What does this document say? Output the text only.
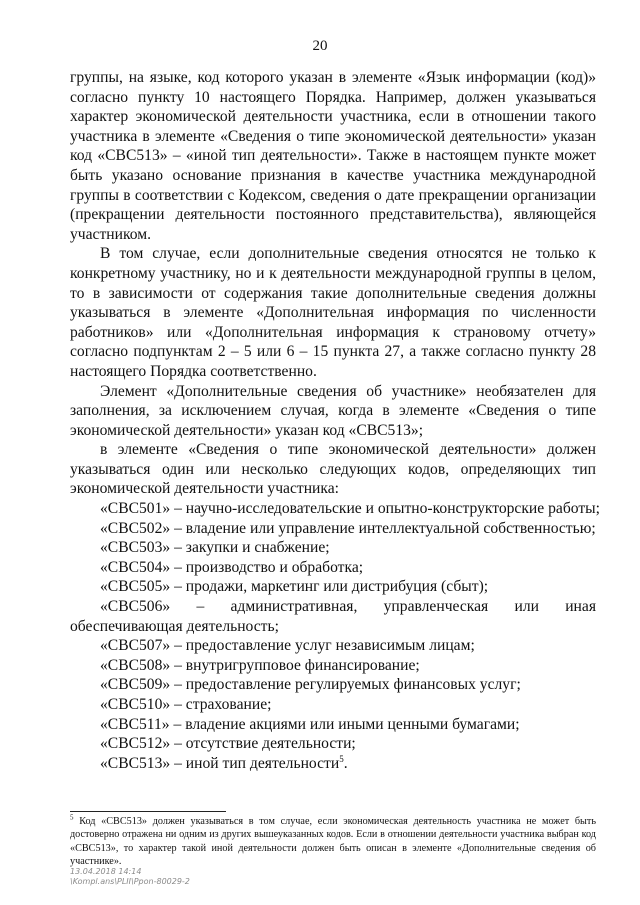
20

группы, на языке, код которого указан в элементе «Язык информации (код)» согласно пункту 10 настоящего Порядка. Например, должен указываться характер экономической деятельности участника, если в отношении такого участника в элементе «Сведения о типе экономической деятельности» указан код «CBC513» – «иной тип деятельности». Также в настоящем пункте может быть указано основание признания в качестве участника международной группы в соответствии с Кодексом, сведения о дате прекращении организации (прекращении деятельности постоянного представительства), являющейся участником.

В том случае, если дополнительные сведения относятся не только к конкретному участнику, но и к деятельности международной группы в целом, то в зависимости от содержания такие дополнительные сведения должны указываться в элементе «Дополнительная информация по численности работников» или «Дополнительная информация к страновому отчету» согласно подпунктам 2 – 5 или 6 – 15 пункта 27, а также согласно пункту 28 настоящего Порядка соответственно.

Элемент «Дополнительные сведения об участнике» необязателен для заполнения, за исключением случая, когда в элементе «Сведения о типе экономической деятельности» указан код «CBC513»;

в элементе «Сведения о типе экономической деятельности» должен указываться один или несколько следующих кодов, определяющих тип экономической деятельности участника:

«CBC501» – научно-исследовательские и опытно-конструкторские работы;

«CBC502» – владение или управление интеллектуальной собственностью;

«CBC503» – закупки и снабжение;

«CBC504» – производство и обработка;

«CBC505» – продажи, маркетинг или дистрибуция (сбыт);

«CBC506» – административная, управленческая или иная обеспечивающая деятельность;

«CBC507» – предоставление услуг независимым лицам;

«CBC508» – внутригрупповое финансирование;

«CBC509» – предоставление регулируемых финансовых услуг;

«CBC510» – страхование;

«CBC511» – владение акциями или иными ценными бумагами;

«CBC512» – отсутствие деятельности;

«CBC513» – иной тип деятельности$^5$.

$^5$ Код «CBC513» должен указываться в том случае, если экономическая деятельность участника не может быть достоверно отражена ни одним из других вышеуказанных кодов. Если в отношении деятельности участника выбран код «CBC513», то характер такой иной деятельности должен быть описан в элементе «Дополнительные сведения об участнике».
13.04.2018 14:14
\Kompl.ans\PLII\Ppon-80029-2
